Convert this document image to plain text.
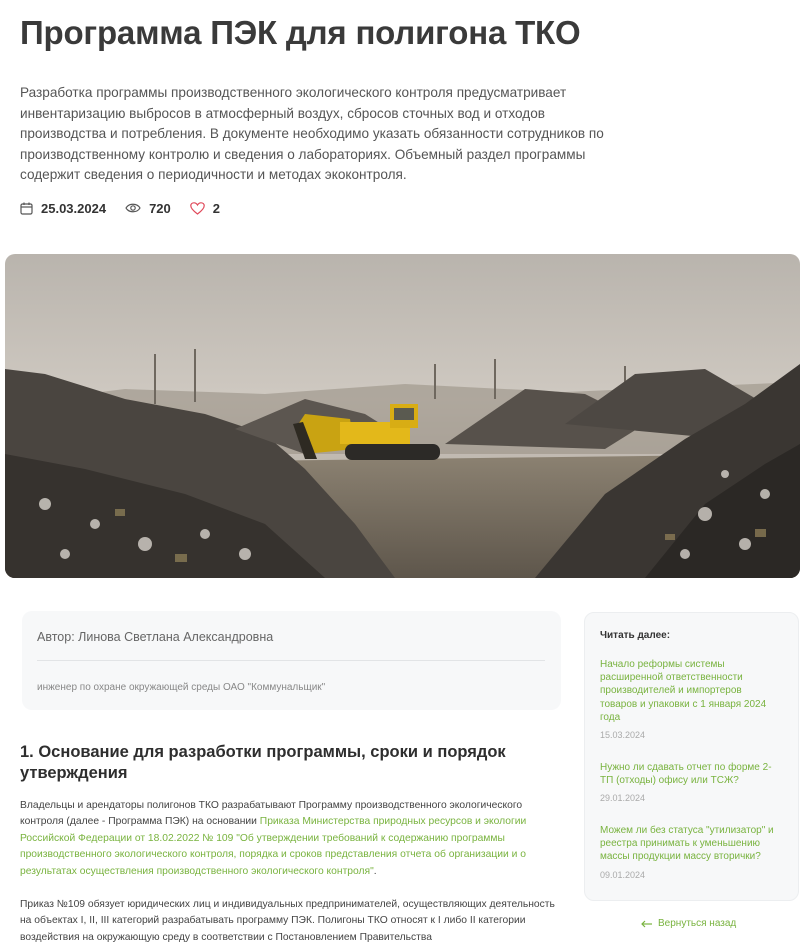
Программа ПЭК для полигона ТКО

Разработка программы производственного экологического контроля предусматривает инвентаризацию выбросов в атмосферный воздух, сбросов сточных вод и отходов производства и потребления. В документе необходимо указать обязанности сотрудников по производственному контролю и сведения о лабораториях. Объемный раздел программы содержит сведения о периодичности и методах экоконтроля.

25.03.2024	720	2
Автор: Линова Светлана Александровна
инженер по охране окружающей среды ОАО "Коммунальщик"
1. Основание для разработки программы, сроки и порядок утверждения

Владельцы и арендаторы полигонов ТКО разрабатывают Программу производственного экологического контроля (далее - Программа ПЭК) на основании Приказа Министерства природных ресурсов и экологии Российской Федерации от 18.02.2022 № 109 "Об утверждении требований к содержанию программы производственного экологического контроля, порядка и сроков представления отчета об организации и о результатах осуществления производственного экологического контроля".

Приказ №109 обязует юридических лиц и индивидуальных предпринимателей, осуществляющих деятельность на объектах I, II, III категорий разрабатывать программу ПЭК. Полигоны ТКО относят к I либо II категории воздействия на окружающую среду в соответствии с Постановлением Правительства

Читать далее:
Начало реформы системы расширенной ответственности производителей и импортеров товаров и упаковки с 1 января 2024 года
15.03.2024
Нужно ли сдавать отчет по форме 2-ТП (отходы) офису или ТСЖ?
29.01.2024
Можем ли без статуса "утилизатор" и реестра принимать к уменьшению массы продукции массу вторички?
09.01.2024
Вернуться назад
